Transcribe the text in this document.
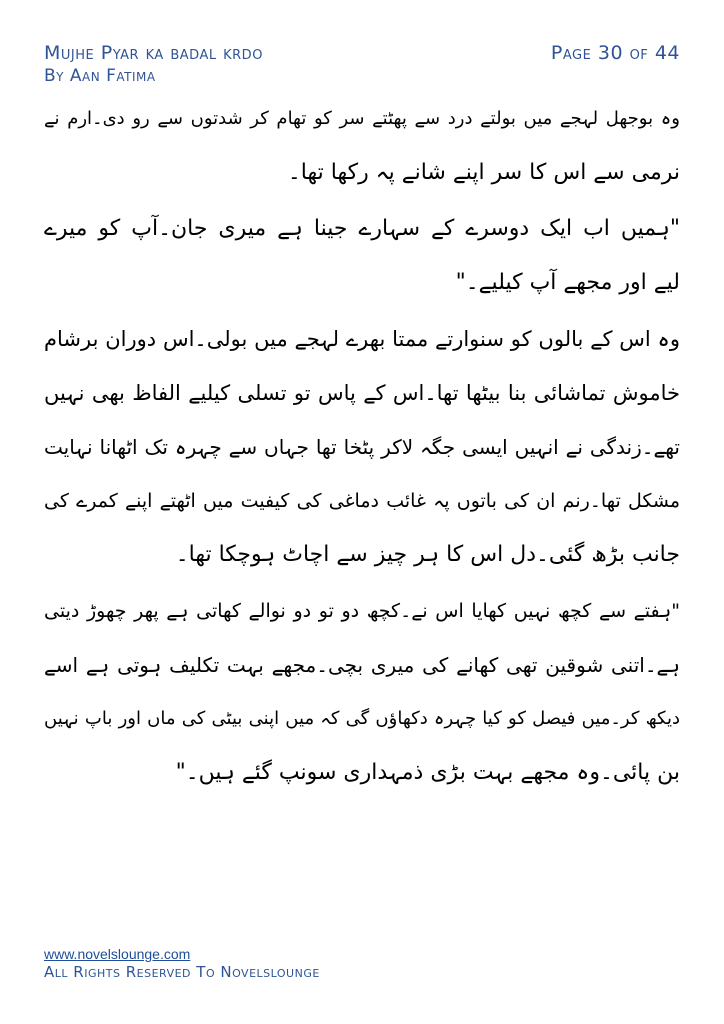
Mujhe Pyar ka badal krdo
By Aan Fatima
Page 30 of 44
وہ بوجھل لہجے میں بولتے درد سے پھٹتے سر کو تھام کر شدتوں سے رو دی۔ارم نے
نرمی سے اس کا سر اپنے شانے پہ رکھا تھا۔
"ہمیں اب ایک دوسرے کے سہارے جینا ہے میری جان۔آپ کو میرے
لیے اور مجھے آپ کیلیے۔"
وہ اس کے بالوں کو سنوارتے ممتا بھرے لہجے میں بولی۔اس دوران برشام
خاموش تماشائی بنا بیٹھا تھا۔اس کے پاس تو تسلی کیلیے الفاظ بھی نہیں
تھے۔زندگی نے انہیں ایسی جگہ لاکر پٹخا تھا جہاں سے چہرہ تک اٹھانا نہایت
مشکل تھا۔رنم ان کی باتوں پہ غائب دماغی کی کیفیت میں اٹھتے اپنے کمرے کی
جانب بڑھ گئی۔دل اس کا ہر چیز سے اچاٹ ہوچکا تھا۔
"ہفتے سے کچھ نہیں کھایا اس نے۔کچھ دو تو دو نوالے کھاتی ہے پھر چھوڑ دیتی
ہے۔اتنی شوقین تھی کھانے کی میری بچی۔مجھے بہت تکلیف ہوتی ہے اسے
دیکھ کر۔میں فیصل کو کیا چہرہ دکھاؤں گی کہ میں اپنی بیٹی کی ماں اور باپ نہیں
بن پائی۔وہ مجھے بہت بڑی ذمہداری سونپ گئے ہیں۔"
www.novelslounge.com
All Rights Reserved To Novelslounge
